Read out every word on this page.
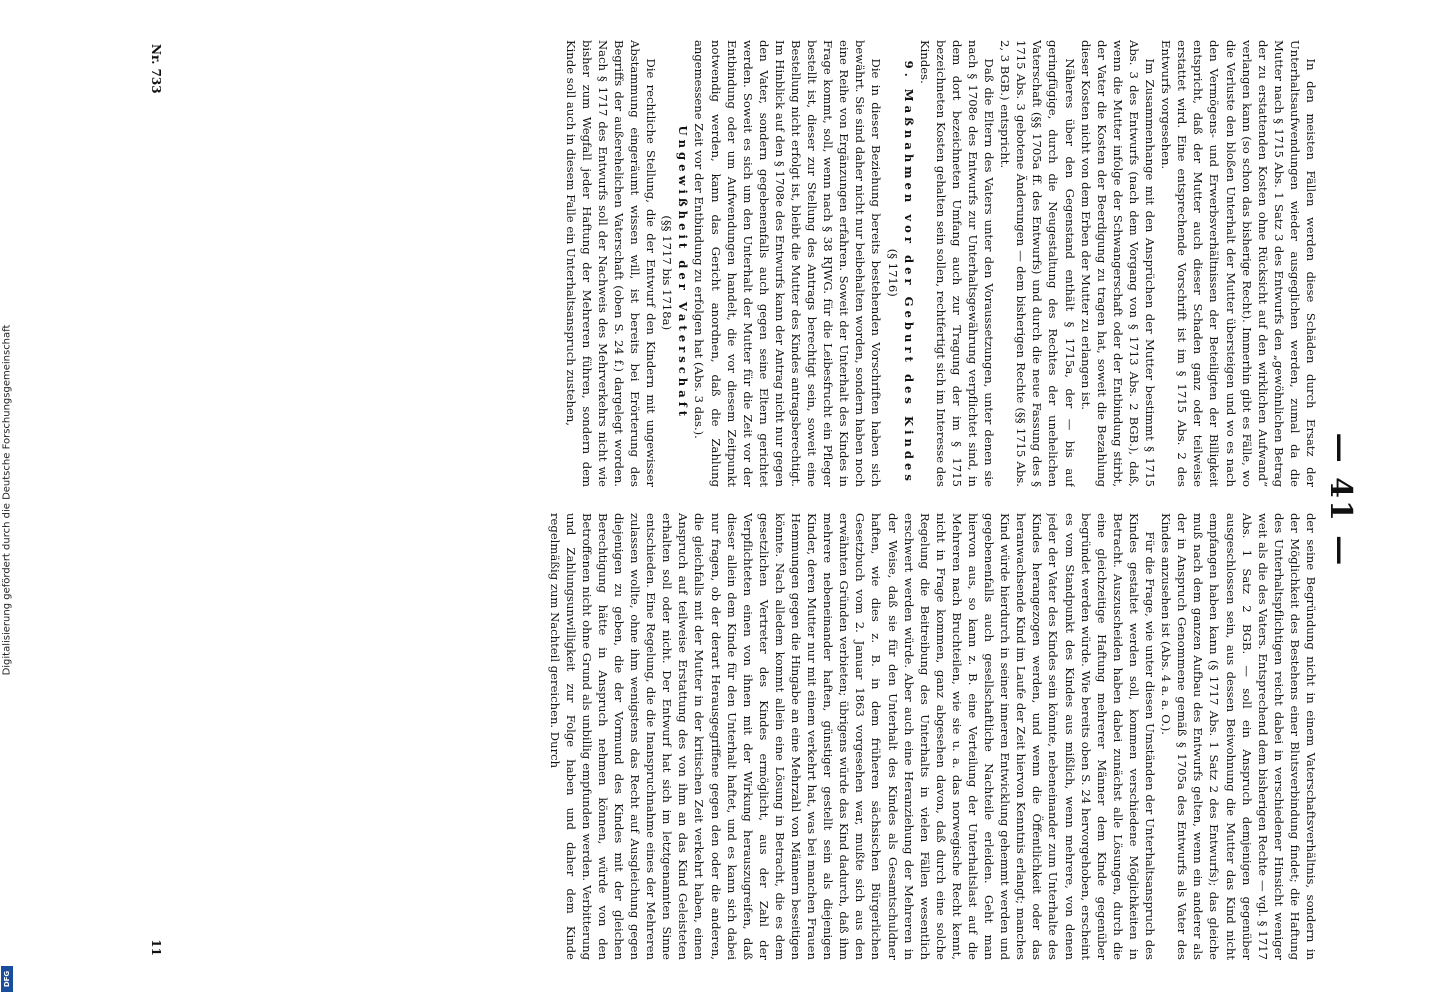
— 41 —

In den meisten Fällen werden diese Schäden durch Ersatz der Unterhaltsaufwendungen wieder ausgeglichen werden, zumal da die Mutter nach § 1715 Abs. 1 Satz 3 des Entwurfs den „gewöhnlichen Betrag der zu erstattenden Kosten ohne Rücksicht auf den wirklichen Aufwand“ verlangen kann (so schon das bisherige Recht). Immerhin gibt es Fälle, wo die Verluste den bloßen Unterhalt der Mutter übersteigen und wo es nach den Vermögens- und Erwerbsverhältnissen der Beteiligten der Billigkeit entspricht, daß der Mutter auch dieser Schaden ganz oder teilweise erstattet wird. Eine entsprechende Vorschrift ist im § 1715 Abs. 2 des Entwurfs vorgesehen.

Im Zusammenhange mit den Ansprüchen der Mutter bestimmt § 1715 Abs. 3 des Entwurfs (nach dem Vorgang von § 1713 Abs. 2 BGB.), daß, wenn die Mutter infolge der Schwangerschaft oder der Entbindung stirbt, der Vater die Kosten der Beerdigung zu tragen hat, soweit die Bezahlung dieser Kosten nicht von dem Erben der Mutter zu erlangen ist.

Näheres über den Gegenstand enthält § 1715a, der — bis auf geringfügige, durch die Neugestaltung des Rechtes der unehelichen Vaterschaft (§§ 1705a ff. des Entwurfs) und durch die neue Fassung des § 1715 Abs. 3 gebotene Änderungen — dem bisherigen Rechte (§§ 1715 Abs. 2, 3 BGB.) entspricht.

Daß die Eltern des Vaters unter den Voraussetzungen, unter denen sie nach § 1708e des Entwurfs zur Unterhaltsgewährung verpflichtet sind, in dem dort bezeichneten Umfang auch zur Tragung der im § 1715 bezeichneten Kosten gehalten sein sollen, rechtfertigt sich im Interesse des Kindes.

9. Maßnahmen vor der Geburt des Kindes

(§ 1716)

Die in dieser Beziehung bereits bestehenden Vorschriften haben sich bewährt. Sie sind daher nicht nur beibehalten worden, sondern haben noch eine Reihe von Ergänzungen erfahren. Soweit der Unterhalt des Kindes in Frage kommt, soll, wenn nach § 38 RJWG. für die Leibesfrucht ein Pfleger bestellt ist, dieser zur Stellung des Antrags berechtigt sein, soweit eine Bestellung nicht erfolgt ist, bleibt die Mutter des Kindes antragsberechtigt. Im Hinblick auf den § 1708e des Entwurfs kann der Antrag nicht nur gegen den Vater, sondern gegebenenfalls auch gegen seine Eltern gerichtet werden. Soweit es sich um den Unterhalt der Mutter für die Zeit vor der Entbindung oder um Aufwendungen handelt, die vor diesem Zeitpunkt notwendig werden, kann das Gericht anordnen, daß die Zahlung angemessene Zeit vor der Entbindung zu erfolgen hat (Abs. 3 das.).

Ungewißheit der Vaterschaft

(§§ 1717 bis 1718a)

Die rechtliche Stellung, die der Entwurf den Kindern mit ungewisser Abstammung eingeräumt wissen will, ist bereits bei Erörterung des Begriffs der außerehelichen Vaterschaft (oben S. 24 f.) dargelegt worden. Nach § 1717 des Entwurfs soll der Nachweis des Mehrverkehrs nicht wie bisher zum Wegfall jeder Haftung der Mehreren führen, sondern dem Kinde soll auch in diesem Falle ein Unterhaltsanspruch zustehen,

der seine Begründung nicht in einem Vaterschaftsverhältnis, sondern in der Möglichkeit des Bestehens einer Blutsverbindung findet; die Haftung des Unterhaltspflichtigen reicht dabei in verschiedener Hinsicht weniger weit als die des Vaters. Entsprechend dem bisherigen Rechte — vgl. § 1717 Abs. 1 Satz 2 BGB. — soll ein Anspruch demjenigen gegenüber ausgeschlossen sein, aus dessen Beiwohnung die Mutter das Kind nicht empfangen haben kann (§ 1717 Abs. 1 Satz 2 des Entwurfs); das gleiche muß nach dem ganzen Aufbau des Entwurfs gelten, wenn ein anderer als der in Anspruch Genommene gemäß § 1705a des Entwurfs als Vater des Kindes anzusehen ist (Abs. 4 a. a. O.).

Für die Frage, wie unter diesen Umständen der Unterhaltsanspruch des Kindes gestaltet werden soll, kommen verschiedene Möglichkeiten in Betracht. Auszuscheiden haben dabei zunächst alle Lösungen, durch die eine gleichzeitige Haftung mehrerer Männer dem Kinde gegenüber begründet werden würde. Wie bereits oben S. 24 hervorgehoben, erscheint es vom Standpunkt des Kindes aus mißlich, wenn mehrere, von denen jeder der Vater des Kindes sein könnte, nebeneinander zum Unterhalte des Kindes herangezogen werden, und wenn die Öffentlichkeit oder das heranwachsende Kind im Laufe der Zeit hiervon Kenntnis erlangt; manches Kind würde hierdurch in seiner inneren Entwicklung gehemmt werden und gegebenenfalls auch gesellschaftliche Nachteile erleiden. Geht man hiervon aus, so kann z. B. eine Verteilung der Unterhaltslast auf die Mehreren nach Bruchteilen, wie sie u. a. das norwegische Recht kennt, nicht in Frage kommen, ganz abgesehen davon, daß durch eine solche Regelung die Beitreibung des Unterhalts in vielen Fällen wesentlich erschwert werden würde. Aber auch eine Heranziehung der Mehreren in der Weise, daß sie für den Unterhalt des Kindes als Gesamtschuldner haften, wie dies z. B. in dem früheren sächsischen Bürgerlichen Gesetzbuch vom 2. Januar 1863 vorgesehen war, mußte sich aus den erwähnten Gründen verbieten; übrigens würde das Kind dadurch, daß ihm mehrere nebeneinander haften, günstiger gestellt sein als diejenigen Kinder, deren Mutter nur mit einem verkehrt hat, was bei manchen Frauen Hemmungen gegen die Hingabe an eine Mehrzahl von Männern beseitigen könnte. Nach alledem kommt allein eine Lösung in Betracht, die es dem gesetzlichen Vertreter des Kindes ermöglicht, aus der Zahl der Verpflichteten einen von ihnen mit der Wirkung herauszugreifen, daß dieser allein dem Kinde für den Unterhalt haftet, und es kann sich dabei nur fragen, ob der derart Herausgegriffene gegen den oder die anderen, die gleichfalls mit der Mutter in der kritischen Zeit verkehrt haben, einen Anspruch auf teilweise Erstattung des von ihm an das Kind Geleisteten erhalten soll oder nicht. Der Entwurf hat sich im letztgenannten Sinne entschieden. Eine Regelung, die die Inanspruchnahme eines der Mehreren zulassen wollte, ohne ihm wenigstens das Recht auf Ausgleichung gegen diejenigen zu geben, die der Vormund des Kindes mit der gleichen Berechtigung hätte in Anspruch nehmen können, würde von den Betroffenen nicht ohne Grund als unbillig empfunden werden. Verbitterung und Zahlungsunwilligkeit zur Folge haben und daher dem Kinde regelmäßig zum Nachteil gereichen. Durch

Nr. 733
11
Digitalisierung gefördert durch die Deutsche Forschungsgemeinschaft
DFG
